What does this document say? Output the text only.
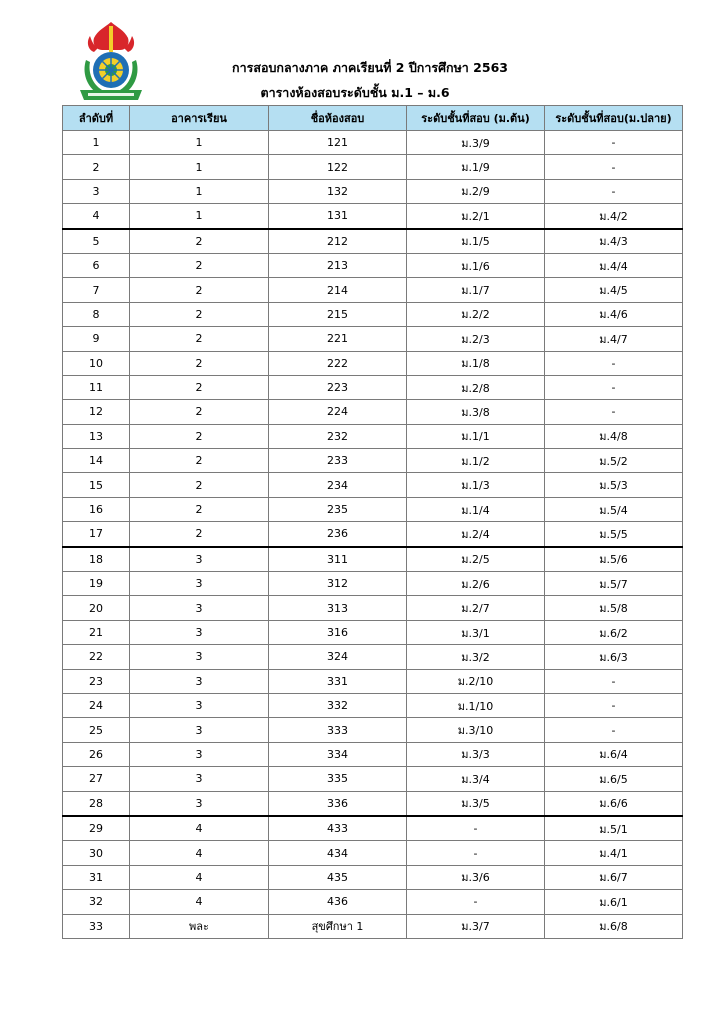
การสอบกลางภาค ภาคเรียนที่ 2 ปีการศึกษา 2563
ตารางห้องสอบระดับชั้น ม.1 – ม.6
ลำดับที่	อาคารเรียน	ชื่อห้องสอบ	ระดับชั้นที่สอบ (ม.ต้น)	ระดับชั้นที่สอบ(ม.ปลาย)
1	1	121	ม.3/9	-
2	1	122	ม.1/9	-
3	1	132	ม.2/9	-
4	1	131	ม.2/1	ม.4/2
5	2	212	ม.1/5	ม.4/3
6	2	213	ม.1/6	ม.4/4
7	2	214	ม.1/7	ม.4/5
8	2	215	ม.2/2	ม.4/6
9	2	221	ม.2/3	ม.4/7
10	2	222	ม.1/8	-
11	2	223	ม.2/8	-
12	2	224	ม.3/8	-
13	2	232	ม.1/1	ม.4/8
14	2	233	ม.1/2	ม.5/2
15	2	234	ม.1/3	ม.5/3
16	2	235	ม.1/4	ม.5/4
17	2	236	ม.2/4	ม.5/5
18	3	311	ม.2/5	ม.5/6
19	3	312	ม.2/6	ม.5/7
20	3	313	ม.2/7	ม.5/8
21	3	316	ม.3/1	ม.6/2
22	3	324	ม.3/2	ม.6/3
23	3	331	ม.2/10	-
24	3	332	ม.1/10	-
25	3	333	ม.3/10	-
26	3	334	ม.3/3	ม.6/4
27	3	335	ม.3/4	ม.6/5
28	3	336	ม.3/5	ม.6/6
29	4	433	-	ม.5/1
30	4	434	-	ม.4/1
31	4	435	ม.3/6	ม.6/7
32	4	436	-	ม.6/1
33	พละ	สุขศึกษา 1	ม.3/7	ม.6/8
